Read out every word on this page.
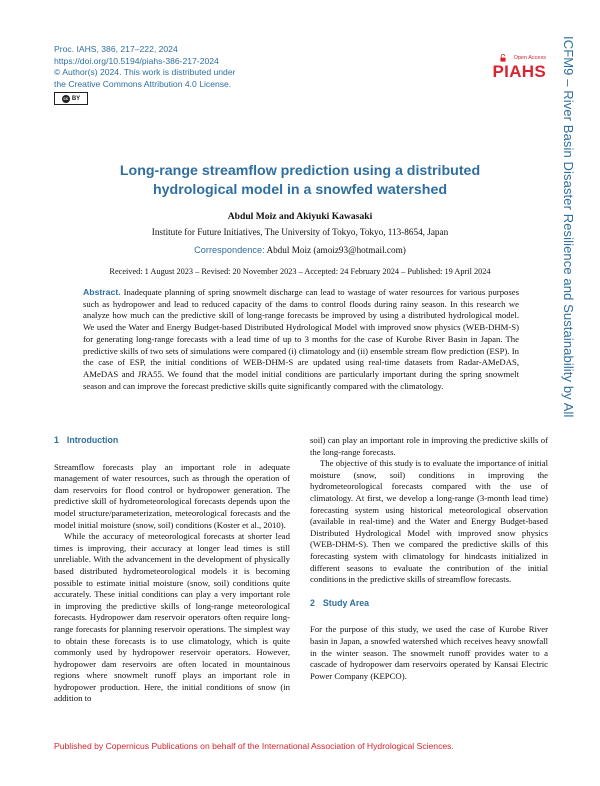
Proc. IAHS, 386, 217–222, 2024
https://doi.org/10.5194/piahs-386-217-2024
© Author(s) 2024. This work is distributed under
the Creative Commons Attribution 4.0 License.
cc BY
Open Access
PIAHS ICFM9 – River Basin Disaster Resilience and Sustainability by All
Long-range streamflow prediction using a distributed
hydrological model in a snowfed watershed
Abdul Moiz and Akiyuki Kawasaki
Institute for Future Initiatives, The University of Tokyo, Tokyo, 113-8654, Japan
Correspondence: Abdul Moiz (amoiz93@hotmail.com)
Received: 1 August 2023 – Revised: 20 November 2023 – Accepted: 24 February 2024 – Published: 19 April 2024
Abstract. Inadequate planning of spring snowmelt discharge can lead to wastage of water resources for various purposes such as hydropower and lead to reduced capacity of the dams to control floods during rainy season. In this research we analyze how much can the predictive skill of long-range forecasts be improved by using a distributed hydrological model. We used the Water and Energy Budget-based Distributed Hydrological Model with improved snow physics (WEB-DHM-S) for generating long-range forecasts with a lead time of up to 3 months for the case of Kurobe River Basin in Japan. The predictive skills of two sets of simulations were compared (i) climatology and (ii) ensemble stream flow prediction (ESP). In the case of ESP, the initial conditions of WEB-DHM-S are updated using real-time datasets from Radar-AMeDAS, AMeDAS and JRA55. We found that the model initial conditions are particularly important during the spring snowmelt season and can improve the forecast predictive skills quite significantly compared with the climatology.
1 Introduction

Streamflow forecasts play an important role in adequate management of water resources, such as through the operation of dam reservoirs for flood control or hydropower generation. The predictive skill of hydrometeorological forecasts depends upon the model structure/parameterization, meteorological forecasts and the model initial moisture (snow, soil) conditions (Koster et al., 2010).

While the accuracy of meteorological forecasts at shorter lead times is improving, their accuracy at longer lead times is still unreliable. With the advancement in the development of physically based distributed hydrometeorological models it is becoming possible to estimate initial moisture (snow, soil) conditions quite accurately. These initial conditions can play a very important role in improving the predictive skills of long-range meteorological forecasts. Hydropower dam reservoir operators often require long-range forecasts for planning reservoir operations. The simplest way to obtain these forecasts is to use climatology, which is quite commonly used by hydropower reservoir operators. However, hydropower dam reservoirs are often located in mountainous regions where snowmelt runoff plays an important role in hydropower production. Here, the initial conditions of snow (in addition to

soil) can play an important role in improving the predictive skills of the long-range forecasts.

The objective of this study is to evaluate the importance of initial moisture (snow, soil) conditions in improving the hydrometeorological forecasts compared with the use of climatology. At first, we develop a long-range (3-month lead time) forecasting system using historical meteorological observation (available in real-time) and the Water and Energy Budget-based Distributed Hydrological Model with improved snow physics (WEB-DHM-S). Then we compared the predictive skills of this forecasting system with climatology for hindcasts initialized in different seasons to evaluate the contribution of the initial conditions in the predictive skills of streamflow forecasts.

2 Study Area

For the purpose of this study, we used the case of Kurobe River basin in Japan, a snowfed watershed which receives heavy snowfall in the winter season. The snowmelt runoff provides water to a cascade of hydropower dam reservoirs operated by Kansai Electric Power Company (KEPCO).

Published by Copernicus Publications on behalf of the International Association of Hydrological Sciences.
